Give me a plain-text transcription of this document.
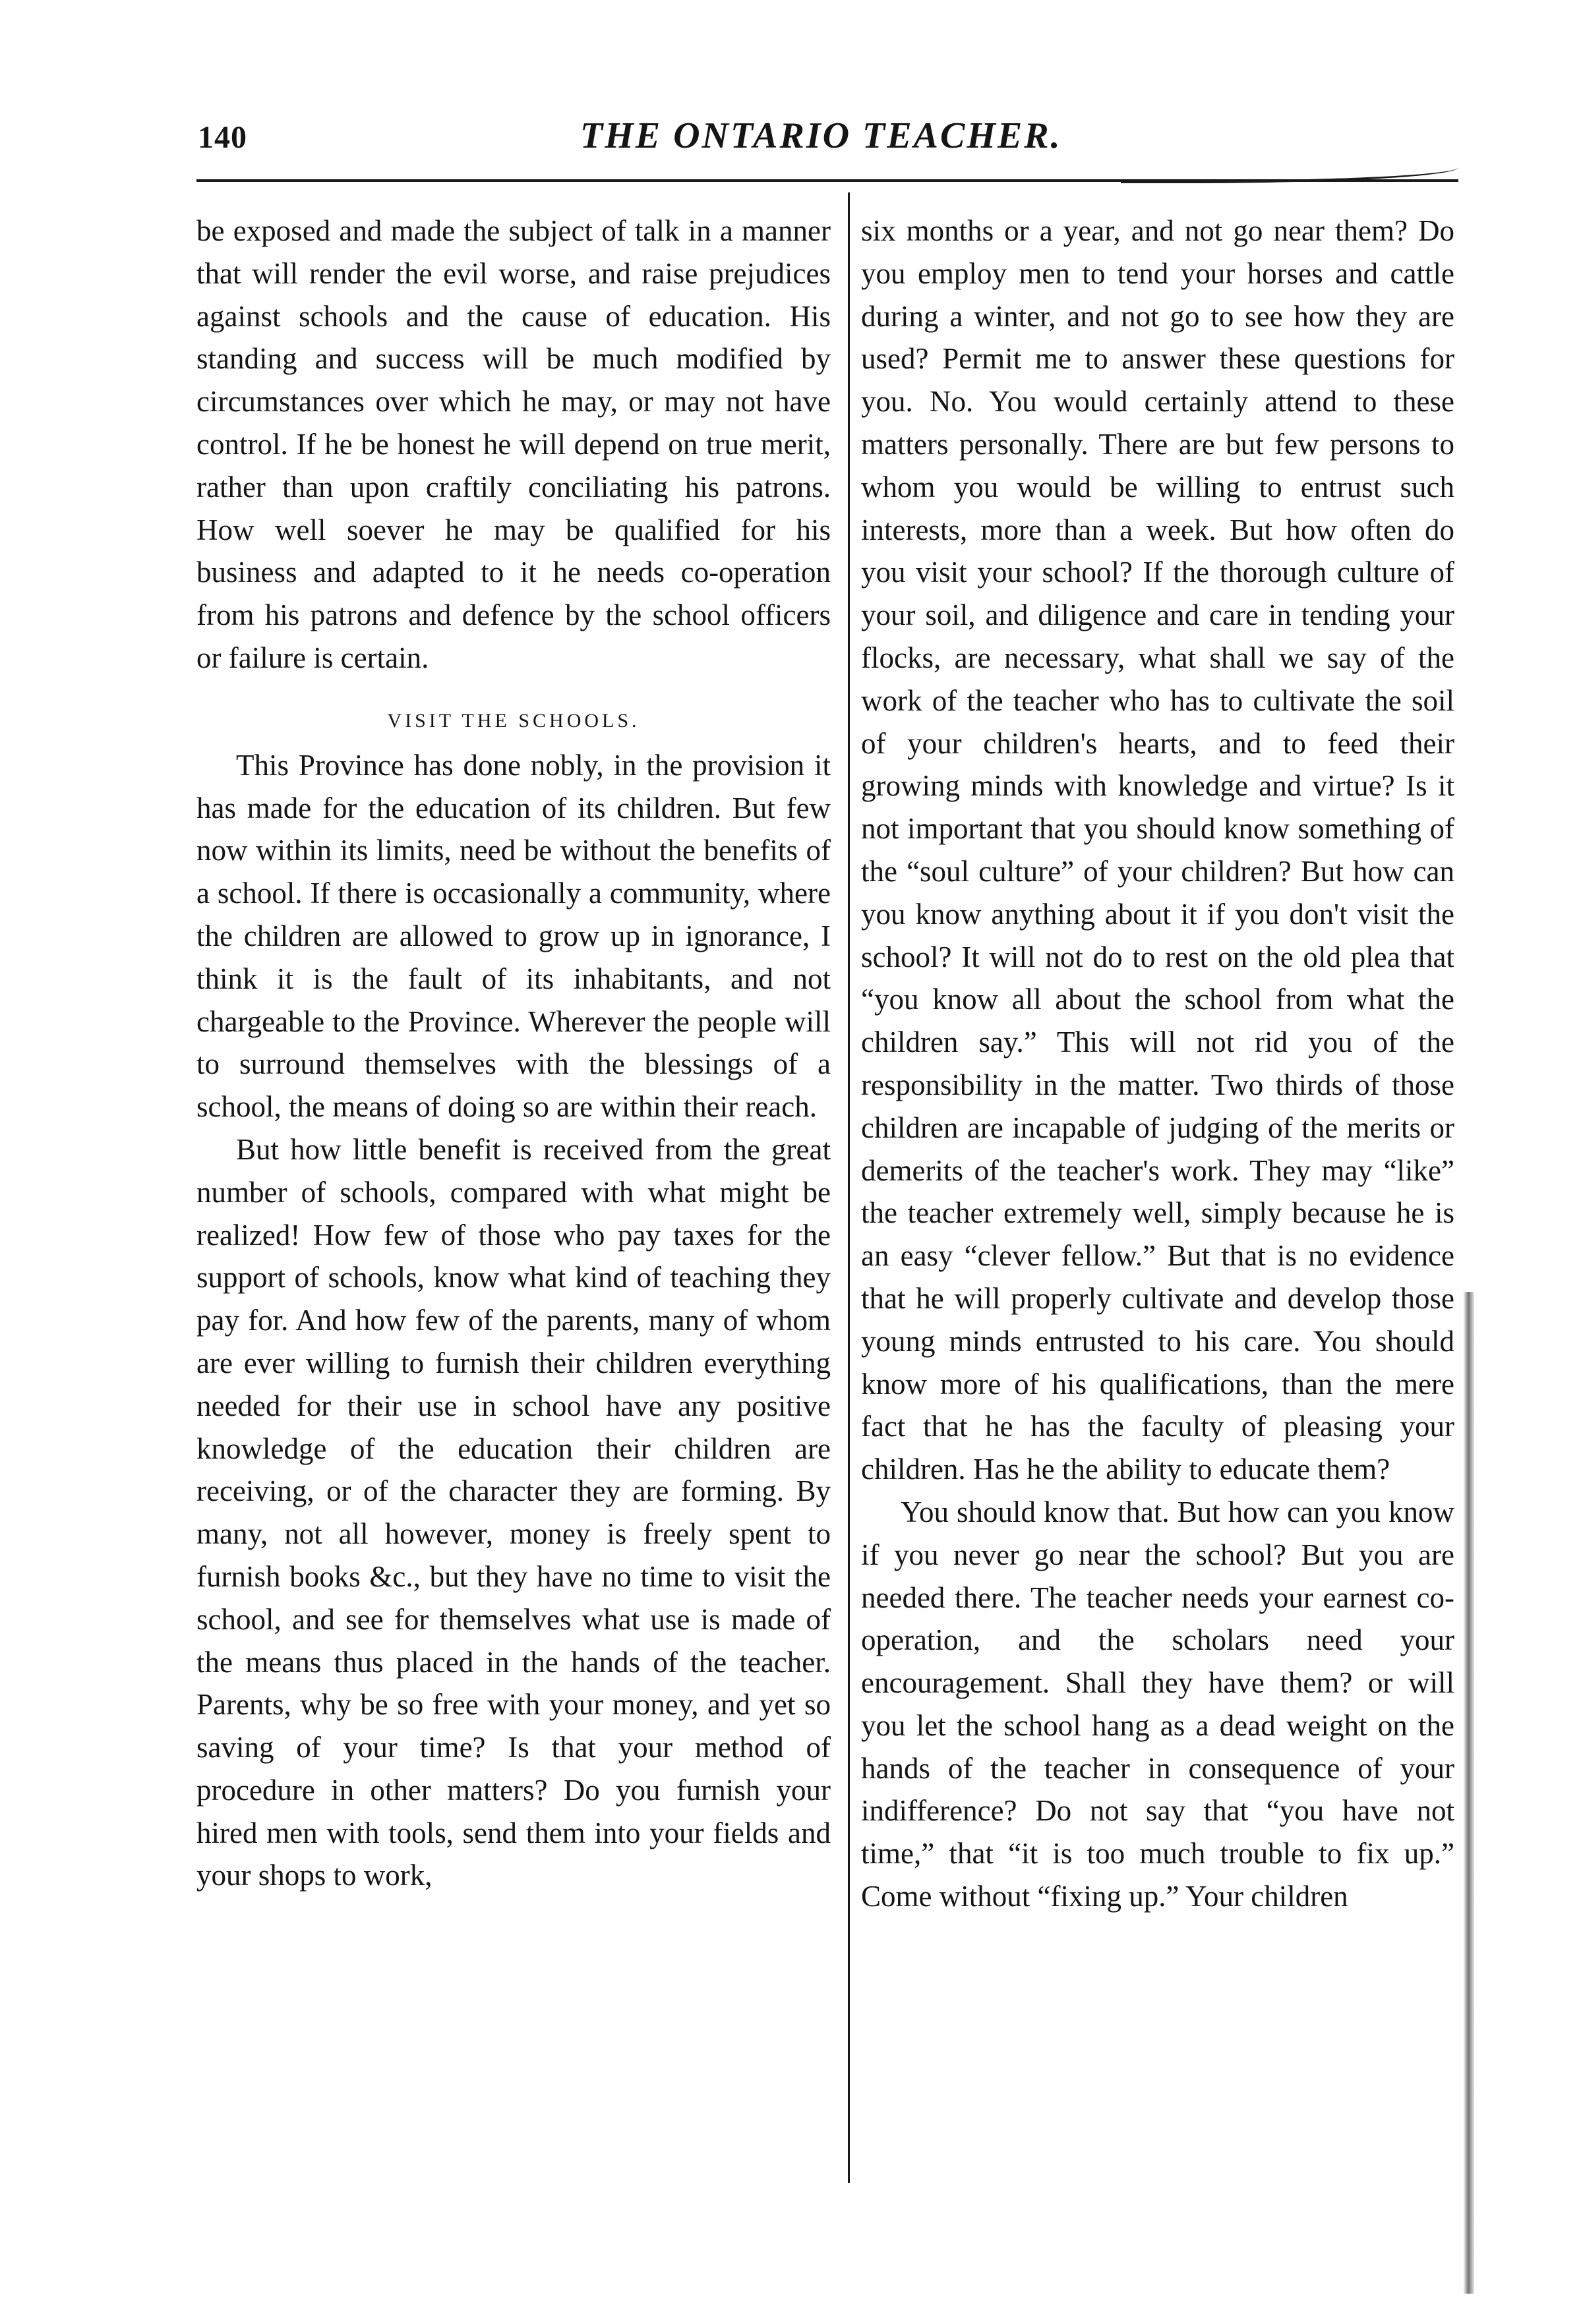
140	THE ONTARIO TEACHER.

be exposed and made the subject of talk in a manner that will render the evil worse, and raise prejudices against schools and the cause of education. His standing and success will be much modified by circumstances over which he may, or may not have control. If he be honest he will depend on true merit, rather than upon craftily conciliating his patrons. How well soever he may be qualified for his business and adapted to it he needs co-operation from his patrons and defence by the school officers or failure is certain.

VISIT THE SCHOOLS.

This Province has done nobly, in the provision it has made for the education of its children. But few now within its limits, need be without the benefits of a school. If there is occasionally a community, where the children are allowed to grow up in ignorance, I think it is the fault of its inhabitants, and not chargeable to the Province. Wherever the people will to surround themselves with the blessings of a school, the means of doing so are within their reach.

But how little benefit is received from the great number of schools, compared with what might be realized! How few of those who pay taxes for the support of schools, know what kind of teaching they pay for. And how few of the parents, many of whom are ever willing to furnish their children everything needed for their use in school have any positive knowledge of the education their children are receiving, or of the character they are forming. By many, not all however, money is freely spent to furnish books &c., but they have no time to visit the school, and see for themselves what use is made of the means thus placed in the hands of the teacher. Parents, why be so free with your money, and yet so saving of your time? Is that your method of procedure in other matters? Do you furnish your hired men with tools, send them into your fields and your shops to work,

six months or a year, and not go near them? Do you employ men to tend your horses and cattle during a winter, and not go to see how they are used? Permit me to answer these questions for you. No. You would certainly attend to these matters personally. There are but few persons to whom you would be willing to entrust such interests, more than a week. But how often do you visit your school? If the thorough culture of your soil, and diligence and care in tending your flocks, are necessary, what shall we say of the work of the teacher who has to cultivate the soil of your children's hearts, and to feed their growing minds with knowledge and virtue? Is it not important that you should know something of the “soul culture” of your children? But how can you know anything about it if you don't visit the school? It will not do to rest on the old plea that “you know all about the school from what the children say.” This will not rid you of the responsibility in the matter. Two thirds of those children are incapable of judging of the merits or demerits of the teacher's work. They may “like” the teacher extremely well, simply because he is an easy “clever fellow.” But that is no evidence that he will properly cultivate and develop those young minds entrusted to his care. You should know more of his qualifications, than the mere fact that he has the faculty of pleasing your children. Has he the ability to educate them?

You should know that. But how can you know if you never go near the school? But you are needed there. The teacher needs your earnest co-operation, and the scholars need your encouragement. Shall they have them? or will you let the school hang as a dead weight on the hands of the teacher in consequence of your indifference? Do not say that “you have not time,” that “it is too much trouble to fix up.” Come without “fixing up.” Your children
